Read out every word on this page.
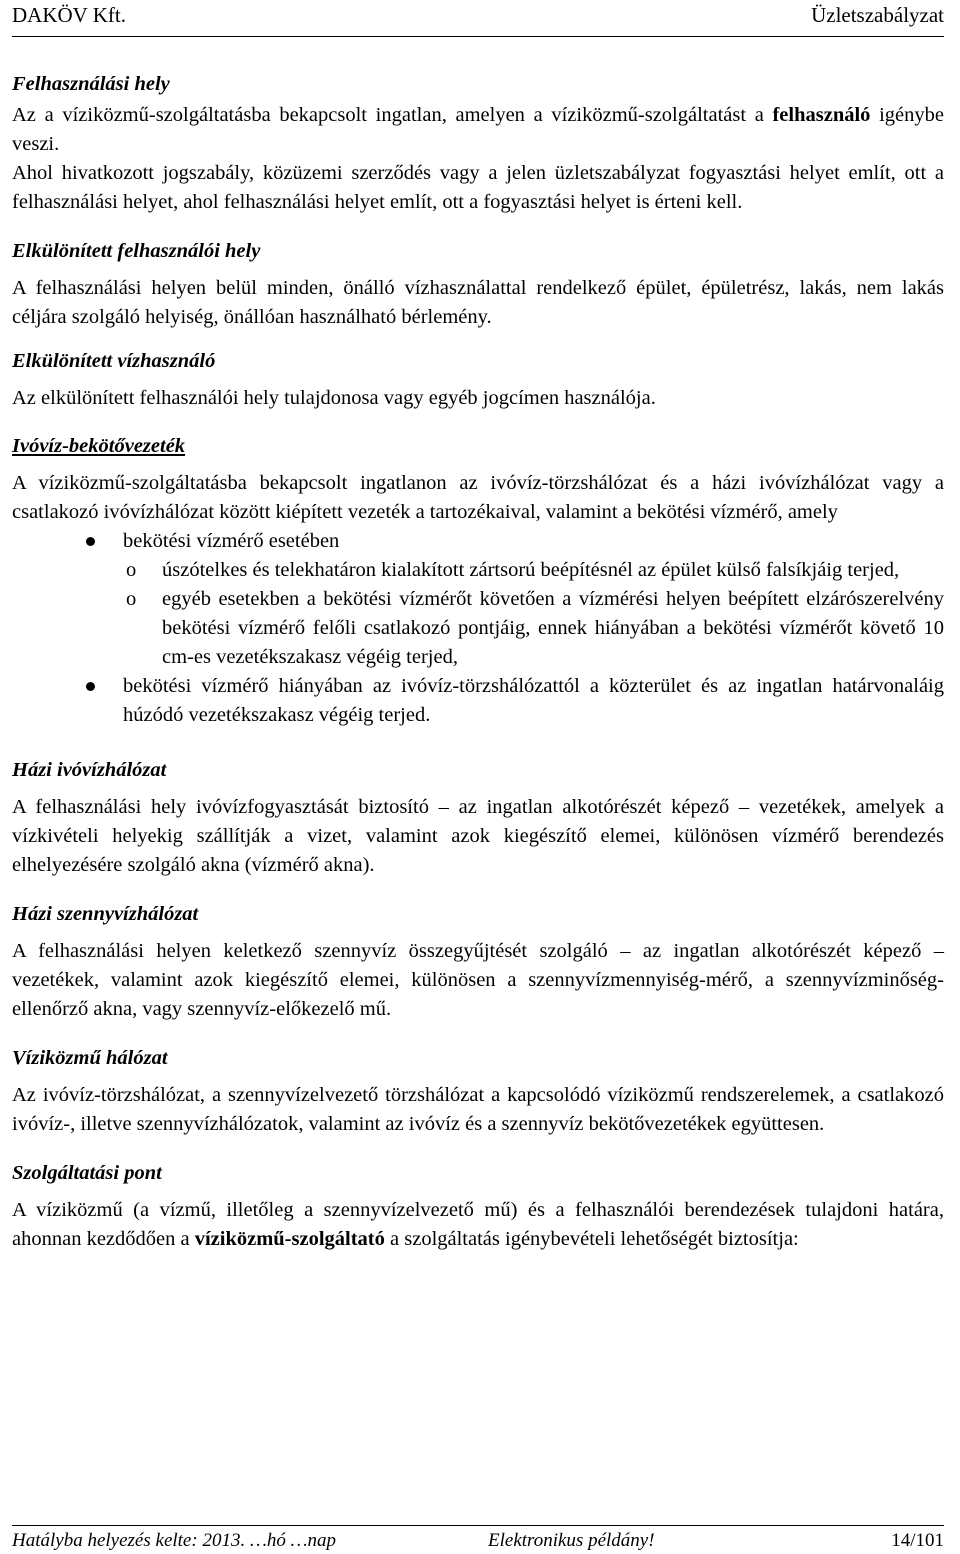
DAKÖV Kft.	Üzletszabályzat

Felhasználási hely

Az a víziközmű-szolgáltatásba bekapcsolt ingatlan, amelyen a víziközmű-szolgáltatást a felhasználó igénybe veszi.

Ahol hivatkozott jogszabály, közüzemi szerződés vagy a jelen üzletszabályzat fogyasztási helyet említ, ott a felhasználási helyet, ahol felhasználási helyet említ, ott a fogyasztási helyet is érteni kell.

Elkülönített felhasználói hely

A felhasználási helyen belül minden, önálló vízhasználattal rendelkező épület, épületrész, lakás, nem lakás céljára szolgáló helyiség, önállóan használható bérlemény.

Elkülönített vízhasználó

Az elkülönített felhasználói hely tulajdonosa vagy egyéb jogcímen használója.

Ivóvíz-bekötővezeték

A víziközmű-szolgáltatásba bekapcsolt ingatlanon az ivóvíz-törzshálózat és a házi ivóvízhálózat vagy a csatlakozó ivóvízhálózat között kiépített vezeték a tartozékaival, valamint a bekötési vízmérő, amely

bekötési vízmérő esetében
o úszótelkes és telekhatáron kialakított zártsorú beépítésnél az épület külső falsíkjáig terjed,
o egyéb esetekben a bekötési vízmérőt követően a vízmérési helyen beépített elzárószerelvény bekötési vízmérő felőli csatlakozó pontjáig, ennek hiányában a bekötési vízmérőt követő 10 cm-es vezetékszakasz végéig terjed,
bekötési vízmérő hiányában az ivóvíz-törzshálózattól a közterület és az ingatlan határvonaláig húzódó vezetékszakasz végéig terjed.

Házi ivóvízhálózat

A felhasználási hely ivóvízfogyasztását biztosító – az ingatlan alkotórészét képező – vezetékek, amelyek a vízkivételi helyekig szállítják a vizet, valamint azok kiegészítő elemei, különösen vízmérő berendezés elhelyezésére szolgáló akna (vízmérő akna).

Házi szennyvízhálózat

A felhasználási helyen keletkező szennyvíz összegyűjtését szolgáló – az ingatlan alkotórészét képező – vezetékek, valamint azok kiegészítő elemei, különösen a szennyvízmennyiség-mérő, a szennyvízminőség-ellenőrző akna, vagy szennyvíz-előkezelő mű.

Víziközmű hálózat

Az ivóvíz-törzshálózat, a szennyvízelvezető törzshálózat a kapcsolódó víziközmű rendszerelemek, a csatlakozó ivóvíz-, illetve szennyvízhálózatok, valamint az ivóvíz és a szennyvíz bekötővezetékek együttesen.

Szolgáltatási pont

A víziközmű (a vízmű, illetőleg a szennyvízelvezető mű) és a felhasználói berendezések tulajdoni határa, ahonnan kezdődően a víziközmű-szolgáltató a szolgáltatás igénybevételi lehetőségét biztosítja:

Hatályba helyezés kelte: 2013. …hó …nap	Elektronikus példány!	14/101
